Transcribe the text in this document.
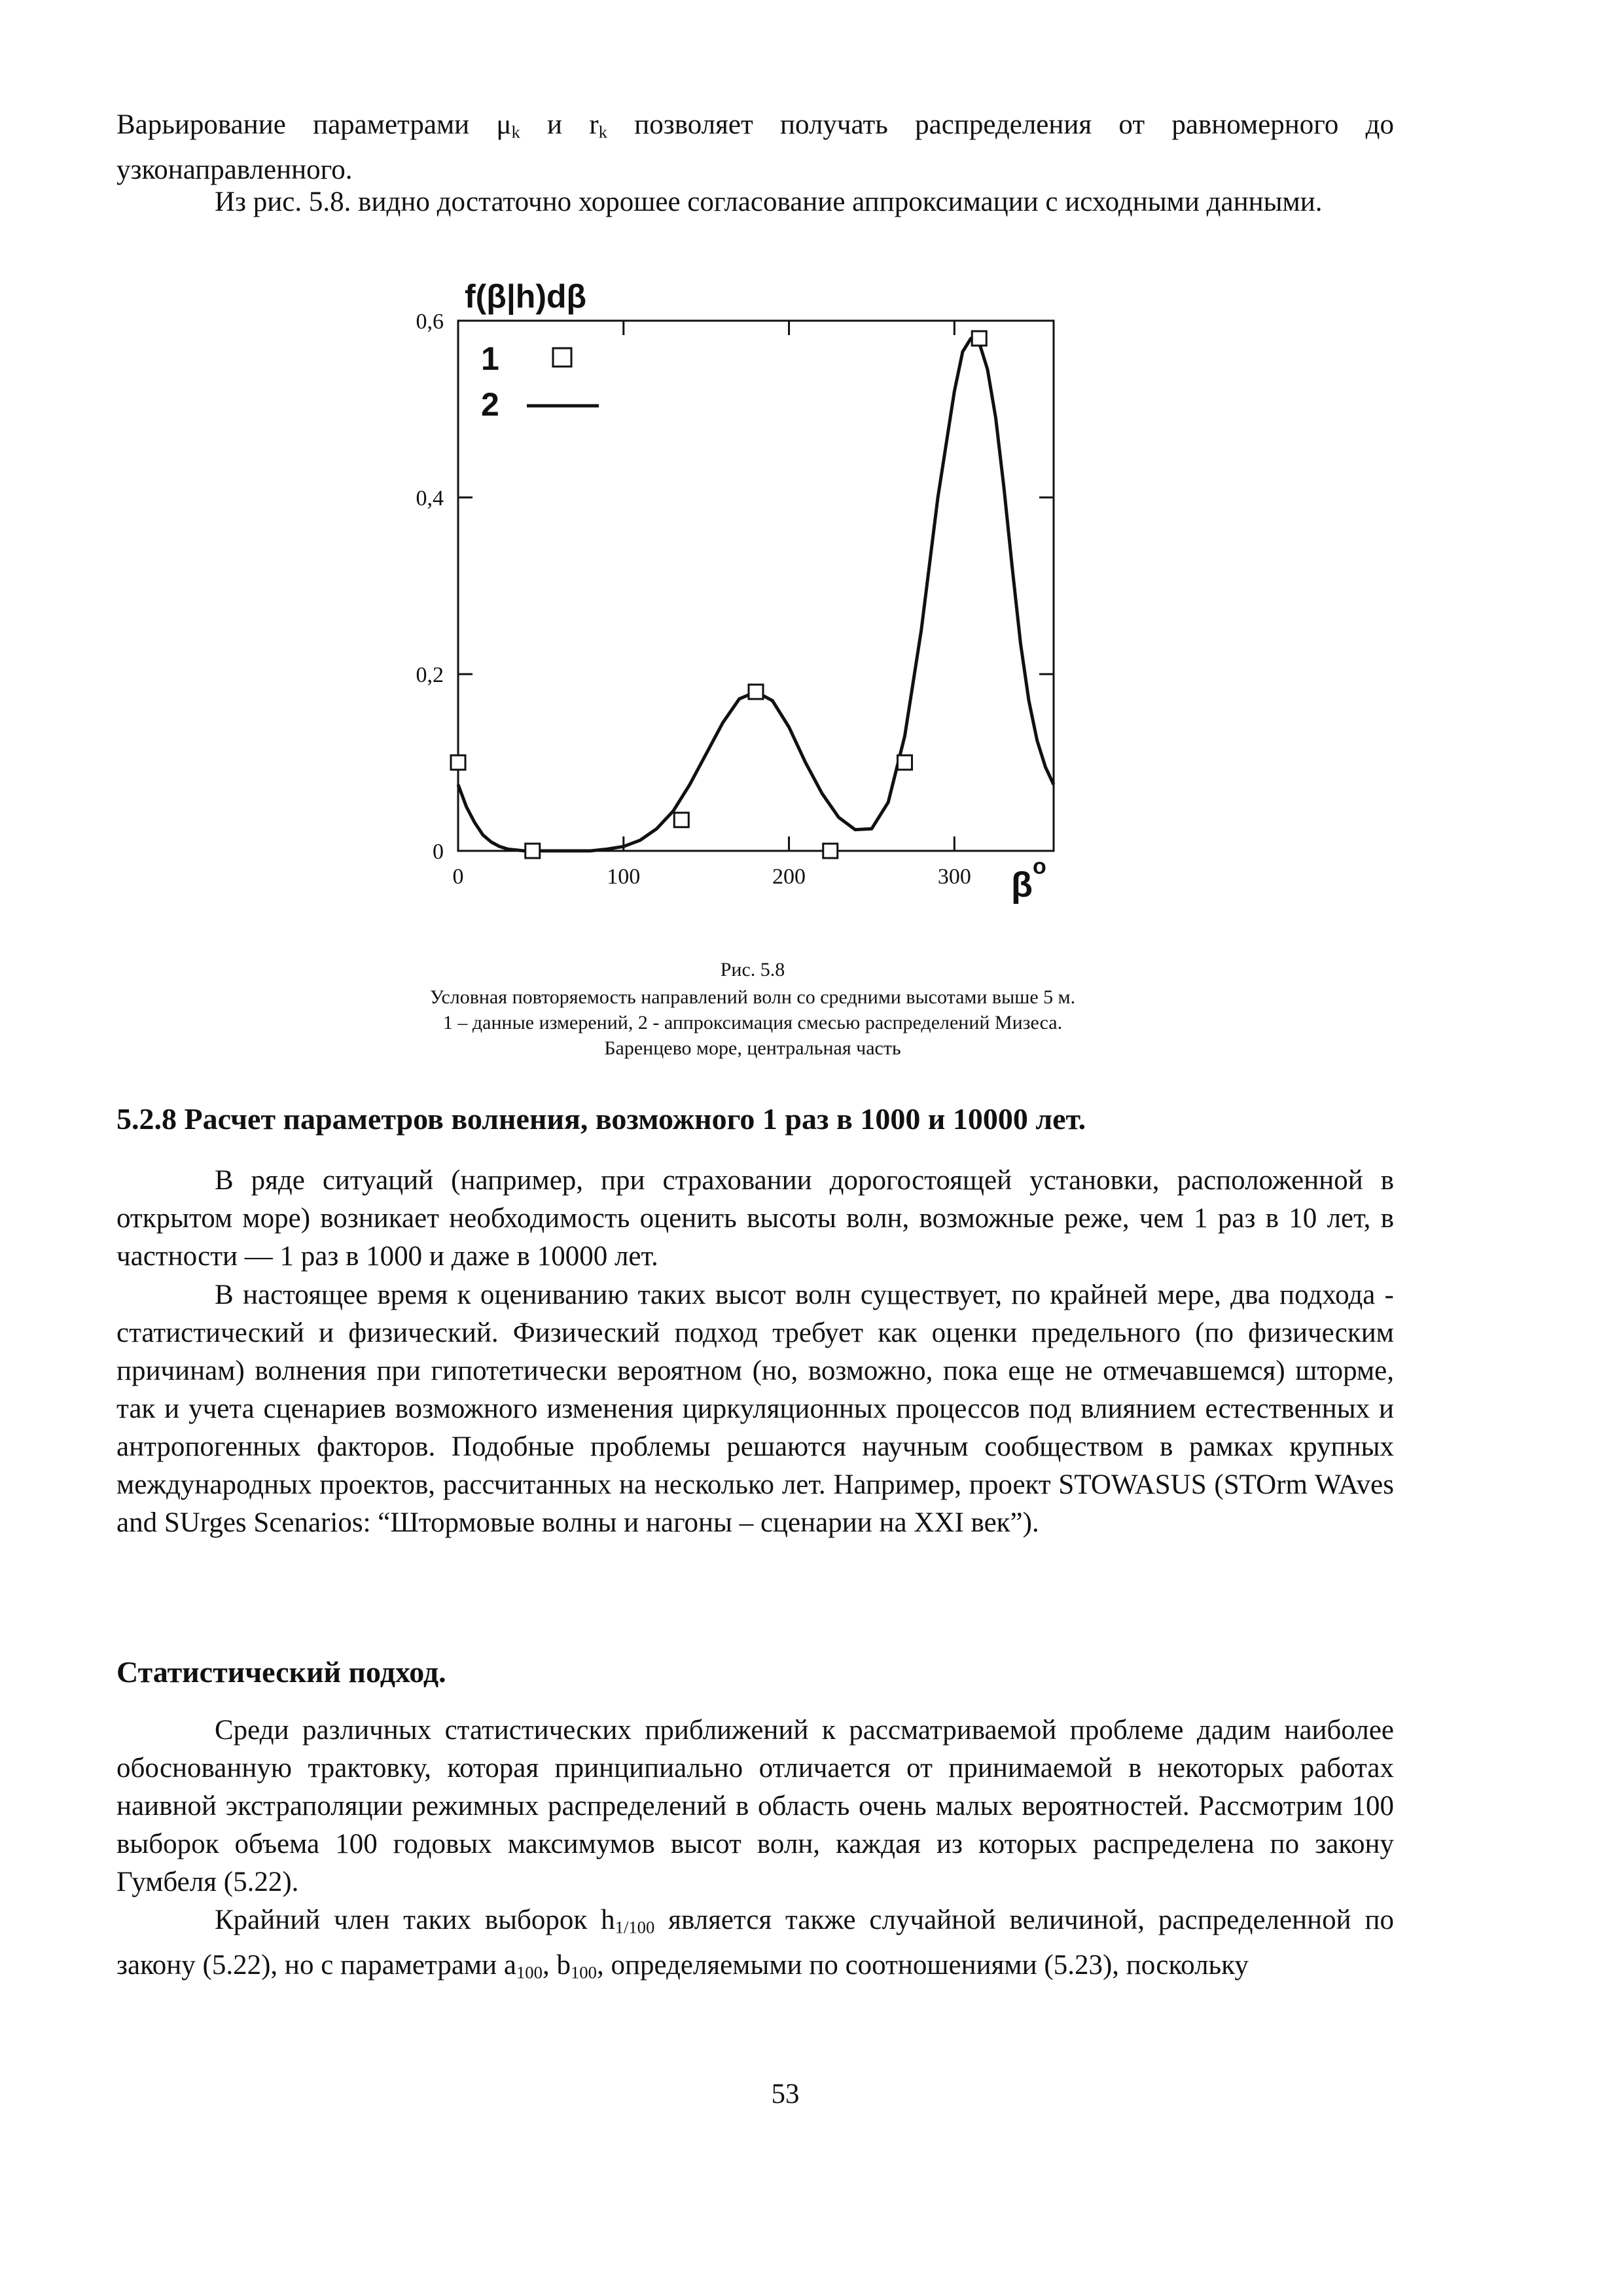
Варьирование параметрами $\mu_k$ и $r_k$ позволяет получать распределения от равномерного до узконаправленного.

Из рис. 5.8. видно достаточно хорошее согласование аппроксимации с исходными данными.

0	100	200	300
0
0,2
0,4
0,6
f(β|h)dβ
β o
1
2

Рис. 5.8

Условная повторяемость направлений волн со средними высотами выше 5 м.

1 – данные измерений, 2 - аппроксимация смесью распределений Мизеса.

Баренцево море, центральная часть

5.2.8 Расчет параметров волнения, возможного 1 раз в 1000 и 10000 лет.

В ряде ситуаций (например, при страховании дорогостоящей установки, расположенной в открытом море) возникает необходимость оценить высоты волн, возможные реже, чем 1 раз в 10 лет, в частности — 1 раз в 1000 и даже в 10000 лет.

В настоящее время к оцениванию таких высот волн существует, по крайней мере, два подхода - статистический и физический. Физический подход требует как оценки предельного (по физическим причинам) волнения при гипотетически вероятном (но, возможно, пока еще не отмечавшемся) шторме, так и учета сценариев возможного изменения циркуляционных процессов под влиянием естественных и антропогенных факторов. Подобные проблемы решаются научным сообществом в рамках крупных международных проектов, рассчитанных на несколько лет. Например, проект STOWASUS (STOrm WAves and SUrges Scenarios: “Штормовые волны и нагоны – сценарии на XXI век”).

Статистический подход.

Среди различных статистических приближений к рассматриваемой проблеме дадим наиболее обоснованную трактовку, которая принципиально отличается от принимаемой в некоторых работах наивной экстраполяции режимных распределений в область очень малых вероятностей. Рассмотрим 100 выборок объема 100 годовых максимумов высот волн, каждая из которых распределена по закону Гумбеля (5.22).

Крайний член таких выборок $h_{1/100}$ является также случайной величиной, распределенной по закону (5.22), но с параметрами $a_{100}$, $b_{100}$, определяемыми по соотношениями (5.23), поскольку

53
